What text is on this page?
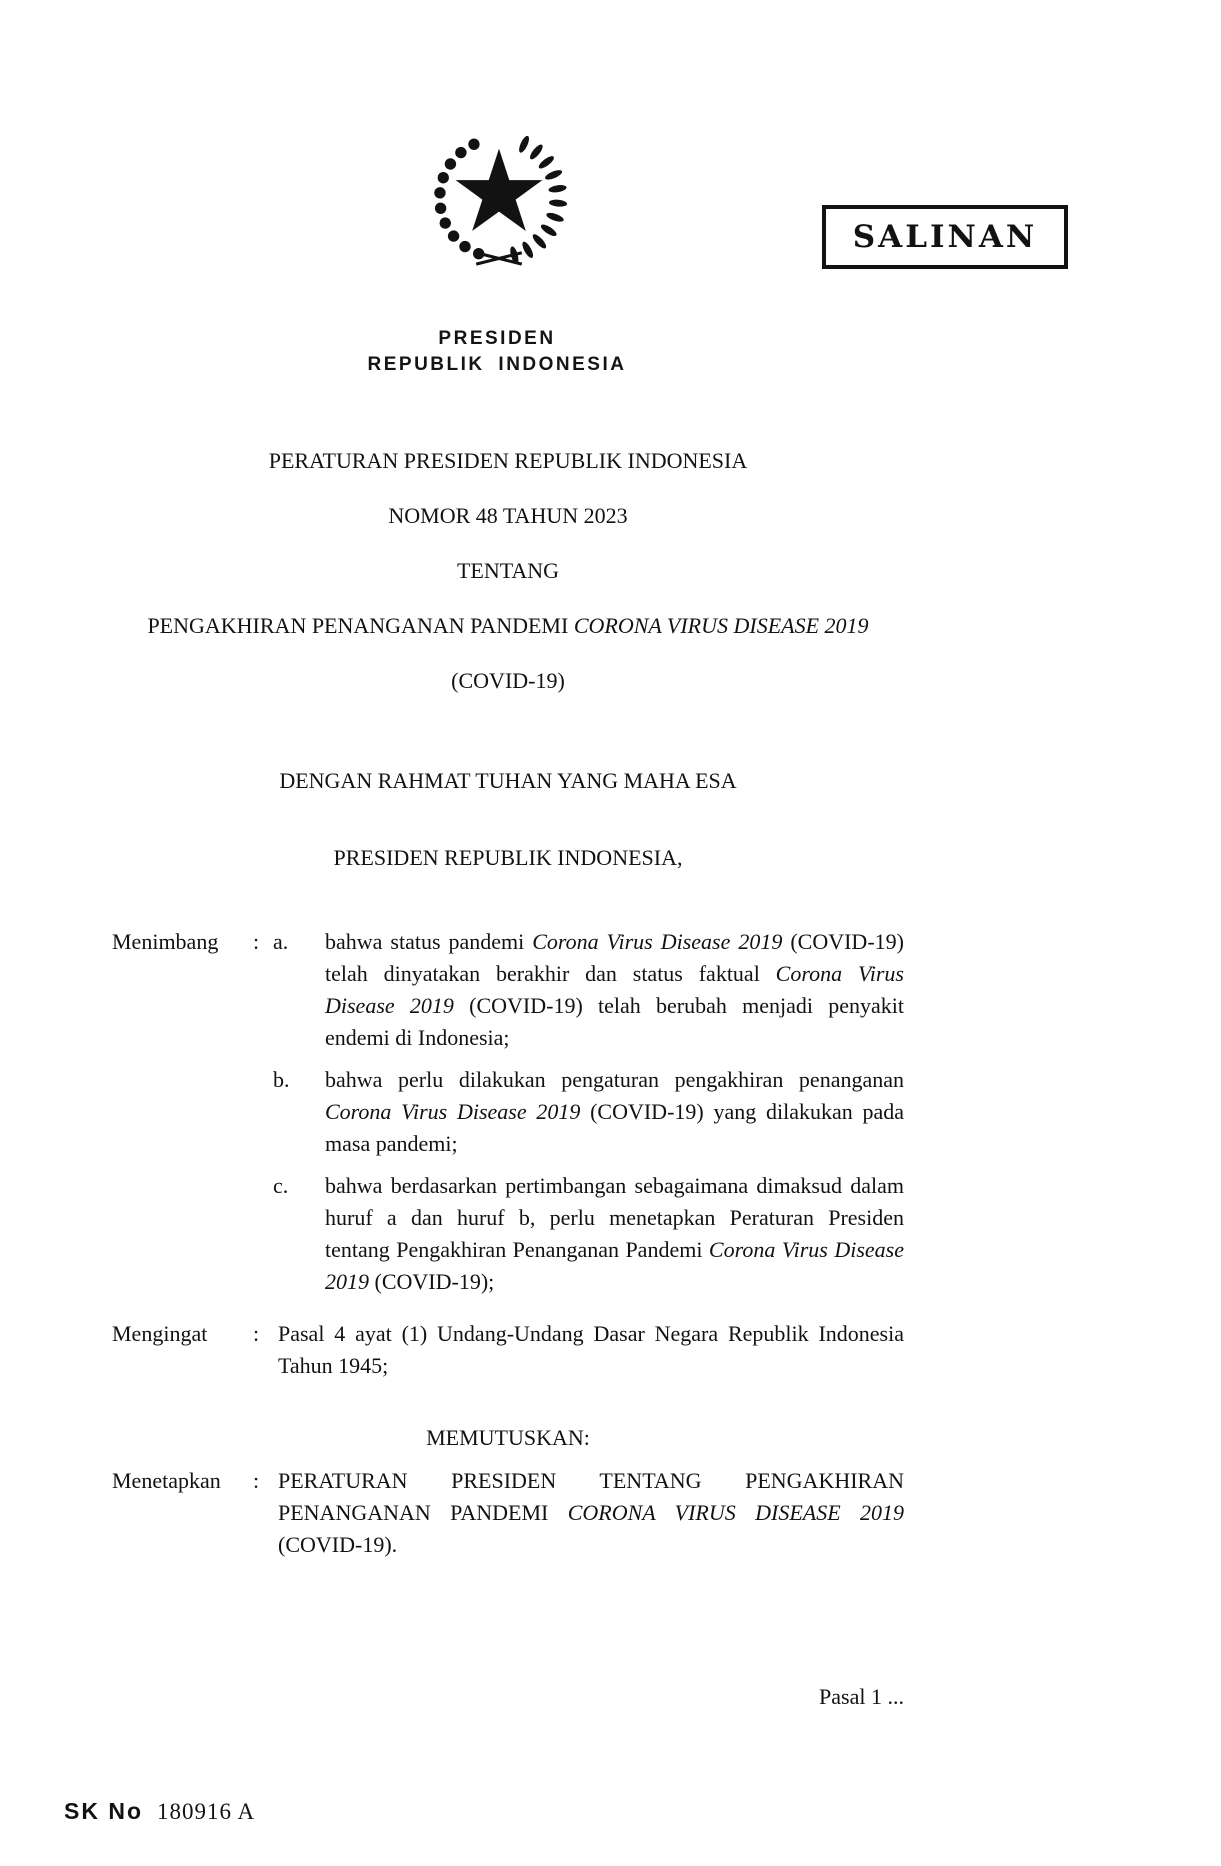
SALINAN
PRESIDEN
REPUBLIK INDONESIA
PERATURAN PRESIDEN REPUBLIK INDONESIA
NOMOR 48 TAHUN 2023
TENTANG
PENGAKHIRAN PENANGANAN PANDEMI CORONA VIRUS DISEASE 2019
(COVID-19)
DENGAN RAHMAT TUHAN YANG MAHA ESA
PRESIDEN REPUBLIK INDONESIA,
Menimbang	: a.	bahwa status pandemi Corona Virus Disease 2019 (COVID-19) telah dinyatakan berakhir dan status faktual Corona Virus Disease 2019 (COVID-19) telah berubah menjadi penyakit endemi di Indonesia;
b.	bahwa perlu dilakukan pengaturan pengakhiran penanganan Corona Virus Disease 2019 (COVID-19) yang dilakukan pada masa pandemi;
c.	bahwa berdasarkan pertimbangan sebagaimana dimaksud dalam huruf a dan huruf b, perlu menetapkan Peraturan Presiden tentang Pengakhiran Penanganan Pandemi Corona Virus Disease 2019 (COVID-19);
Mengingat	: Pasal 4 ayat (1) Undang-Undang Dasar Negara Republik Indonesia Tahun 1945;
MEMUTUSKAN:
Menetapkan	: PERATURAN PRESIDEN TENTANG PENGAKHIRAN PENANGANAN PANDEMI CORONA VIRUS DISEASE 2019 (COVID-19).
Pasal 1 ...
SK No 180916 A
